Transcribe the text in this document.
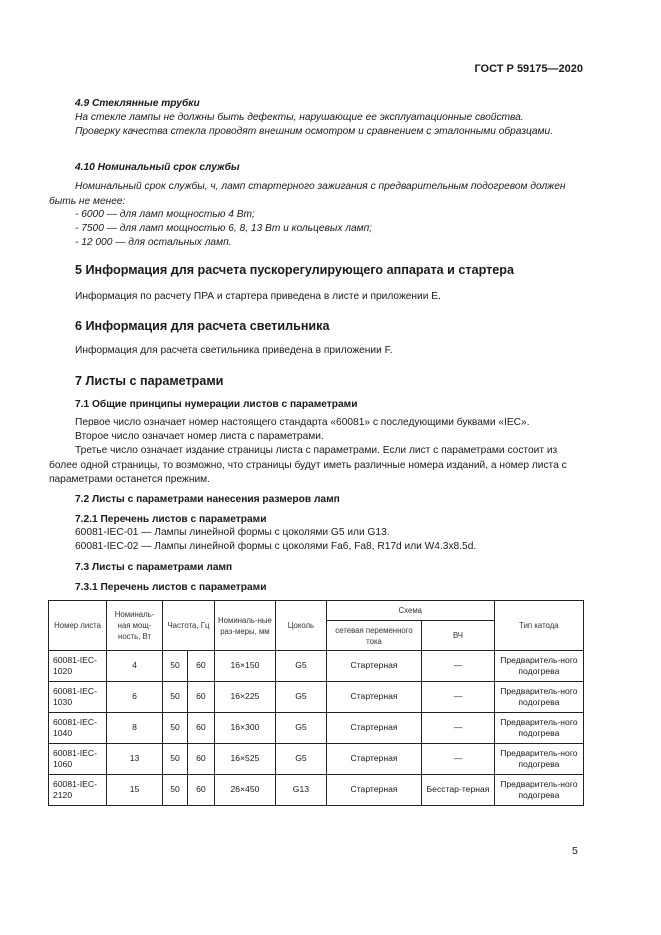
ГОСТ Р 59175—2020
4.9 Стеклянные трубки
На стекле лампы не должны быть дефекты, нарушающие ее эксплуатационные свойства.
Проверку качества стекла проводят внешним осмотром и сравнением с эталонными образцами.
4.10 Номинальный срок службы
Номинальный срок службы, ч, ламп стартерного зажигания с предварительным подогревом должен быть не менее:
- 6000 — для ламп мощностью 4 Вт;
- 7500 — для ламп мощностью 6, 8, 13 Вт и кольцевых ламп;
- 12 000 — для остальных ламп.
5 Информация для расчета пускорегулирующего аппарата и стартера
Информация по расчету ПРА и стартера приведена в листе и приложении E.
6 Информация для расчета светильника
Информация для расчета светильника приведена в приложении F.
7 Листы с параметрами
7.1 Общие принципы нумерации листов с параметрами
Первое число означает номер настоящего стандарта «60081» с последующими буквами «IEC».
Второе число означает номер листа с параметрами.
Третье число означает издание страницы листа с параметрами. Если лист с параметрами состоит из более одной страницы, то возможно, что страницы будут иметь различные номера изданий, а номер листа с параметрами останется прежним.
7.2 Листы с параметрами нанесения размеров ламп
7.2.1 Перечень листов с параметрами
60081-IEC-01 — Лампы линейной формы с цоколями G5 или G13.
60081-IEC-02 — Лампы линейной формы с цоколями Fa6, Fa8, R17d или W4.3x8.5d.
7.3 Листы с параметрами ламп
7.3.1 Перечень листов с параметрами
Номер листа	Номиналь-ная мощ-ность, Вт	Частота, Гц		Номиналь-ные раз-меры, мм	Цоколь	Схема		Тип катода
						сетевая переменного тока	ВЧ	
60081-IEC-1020	4	50	60	16×150	G5	Стартерная	—	Предваритель-ного подогрева
60081-IEC-1030	6	50	60	16×225	G5	Стартерная	—	Предваритель-ного подогрева
60081-IEC-1040	8	50	60	16×300	G5	Стартерная	—	Предваритель-ного подогрева
60081-IEC-1060	13	50	60	16×525	G5	Стартерная	—	Предваритель-ного подогрева
60081-IEC-2120	15	50	60	26×450	G13	Стартерная	Бесстар-терная	Предваритель-ного подогрева
5
